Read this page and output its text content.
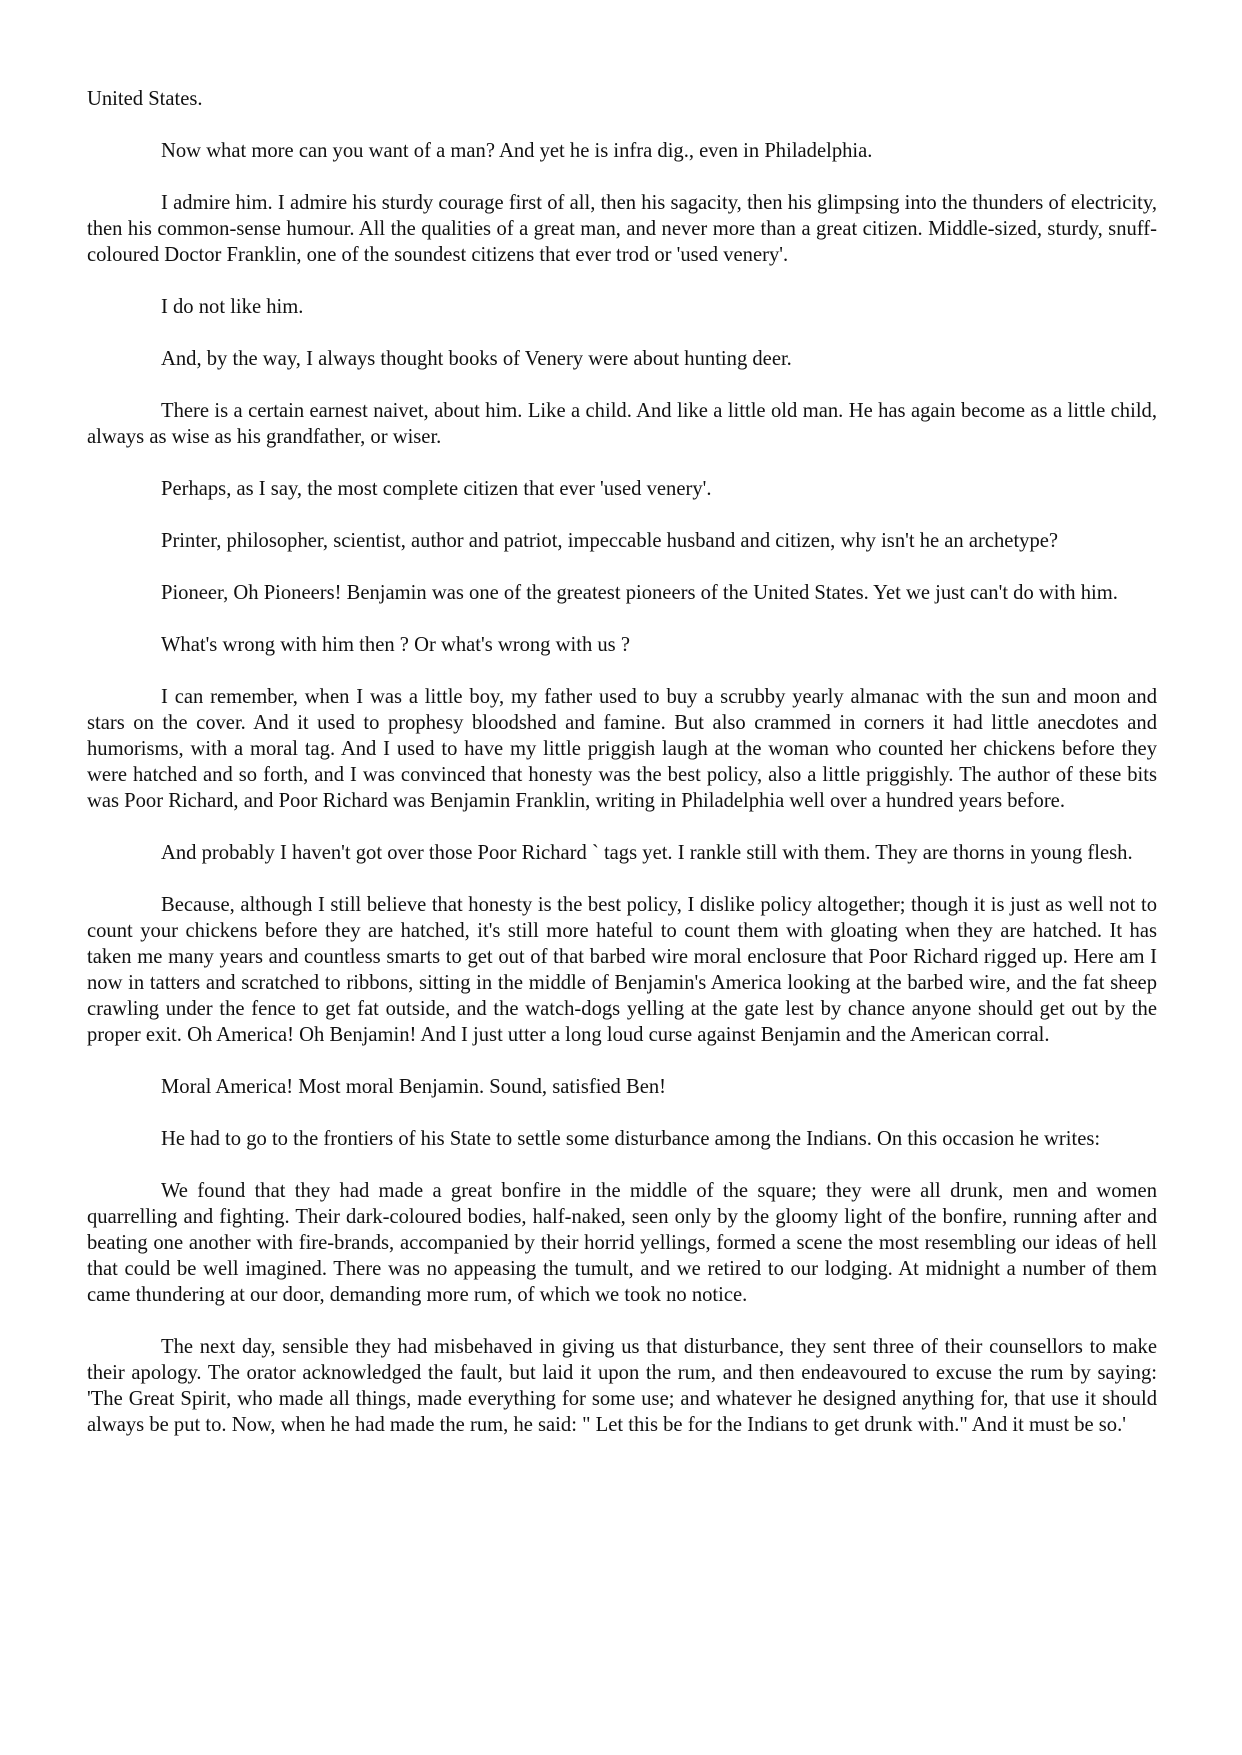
United States.

Now what more can you want of a man? And yet he is infra dig., even in Philadelphia.

I admire him. I admire his sturdy courage first of all, then his sagacity, then his glimpsing into the thunders of electricity, then his common-sense humour. All the qualities of a great man, and never more than a great citizen. Middle-sized, sturdy, snuff-coloured Doctor Franklin, one of the soundest citizens that ever trod or 'used venery'.

I do not like him.

And, by the way, I always thought books of Venery were about hunting deer.

There is a certain earnest naivet, about him. Like a child. And like a little old man. He has again become as a little child, always as wise as his grandfather, or wiser.

Perhaps, as I say, the most complete citizen that ever 'used venery'.

Printer, philosopher, scientist, author and patriot, impeccable husband and citizen, why isn't he an archetype?

Pioneer, Oh Pioneers! Benjamin was one of the greatest pioneers of the United States. Yet we just can't do with him.

What's wrong with him then ? Or what's wrong with us ?

I can remember, when I was a little boy, my father used to buy a scrubby yearly almanac with the sun and moon and stars on the cover. And it used to prophesy bloodshed and famine. But also crammed in corners it had little anecdotes and humorisms, with a moral tag. And I used to have my little priggish laugh at the woman who counted her chickens before they were hatched and so forth, and I was convinced that honesty was the best policy, also a little priggishly. The author of these bits was Poor Richard, and Poor Richard was Benjamin Franklin, writing in Philadelphia well over a hundred years before.

And probably I haven't got over those Poor Richard ` tags yet. I rankle still with them. They are thorns in young flesh.

Because, although I still believe that honesty is the best policy, I dislike policy altogether; though it is just as well not to count your chickens before they are hatched, it's still more hateful to count them with gloating when they are hatched. It has taken me many years and countless smarts to get out of that barbed wire moral enclosure that Poor Richard rigged up. Here am I now in tatters and scratched to ribbons, sitting in the middle of Benjamin's America looking at the barbed wire, and the fat sheep crawling under the fence to get fat outside, and the watch-dogs yelling at the gate lest by chance anyone should get out by the proper exit. Oh America! Oh Benjamin! And I just utter a long loud curse against Benjamin and the American corral.

Moral America! Most moral Benjamin. Sound, satisfied Ben!

He had to go to the frontiers of his State to settle some disturbance among the Indians. On this occasion he writes:

We found that they had made a great bonfire in the middle of the square; they were all drunk, men and women quarrelling and fighting. Their dark-coloured bodies, half-naked, seen only by the gloomy light of the bonfire, running after and beating one another with fire-brands, accompanied by their horrid yellings, formed a scene the most resembling our ideas of hell that could be well imagined. There was no appeasing the tumult, and we retired to our lodging. At midnight a number of them came thundering at our door, demanding more rum, of which we took no notice.

The next day, sensible they had misbehaved in giving us that disturbance, they sent three of their counsellors to make their apology. The orator acknowledged the fault, but laid it upon the rum, and then endeavoured to excuse the rum by saying: 'The Great Spirit, who made all things, made everything for some use; and whatever he designed anything for, that use it should always be put to. Now, when he had made the rum, he said: " Let this be for the Indians to get drunk with." And it must be so.'
